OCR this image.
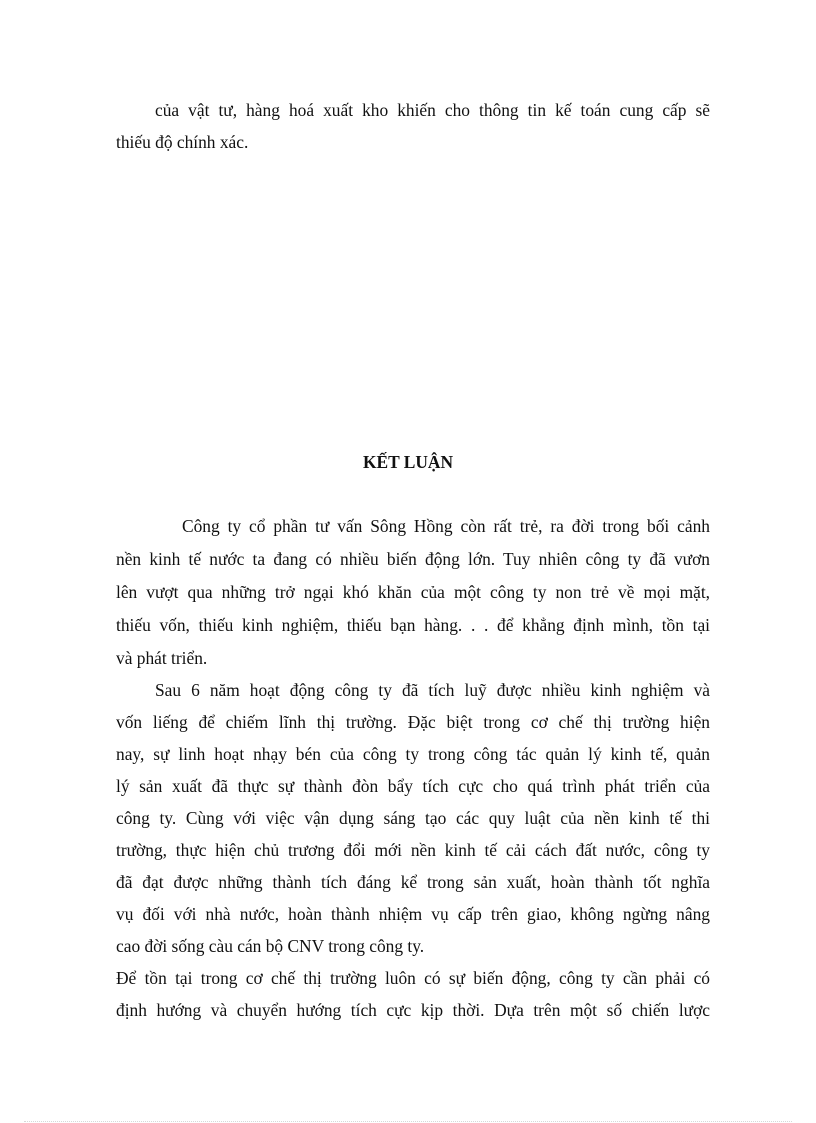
của vật tư, hàng hoá xuất kho khiến cho thông tin kế toán cung cấp sẽ
thiếu độ chính xác.
KẾT LUẬN
Công ty cổ phần tư vấn Sông Hồng còn rất trẻ, ra đời trong bối cảnh
nền kinh tế nước ta đang có nhiều biến động lớn. Tuy nhiên công ty đã vươn
lên vượt qua những trở ngại khó khăn của một công ty non trẻ về mọi mặt,
thiếu vốn, thiếu kinh nghiệm, thiếu bạn hàng. . . để khẳng định mình, tồn tại
và phát triển.
Sau 6 năm hoạt động công ty đã tích luỹ được nhiều kinh nghiệm và
vốn liếng để chiếm lĩnh thị trường. Đặc biệt trong cơ chế thị trường hiện
nay, sự linh hoạt nhạy bén của công ty trong công tác quản lý kinh tế, quản
lý sản xuất đã thực sự thành đòn bẩy tích cực cho quá trình phát triển của
công ty. Cùng với việc vận dụng sáng tạo các quy luật của nền kinh tế thi
trường, thực hiện chủ trương đổi mới nền kinh tế cải cách đất nước, công ty
đã đạt được những thành tích đáng kể trong sản xuất, hoàn thành tốt nghĩa
vụ đối với nhà nước, hoàn thành nhiệm vụ cấp trên giao, không ngừng nâng
cao đời sống càu cán bộ CNV trong công ty.
Để tồn tại trong cơ chế thị trường luôn có sự biến động, công ty cần phải có
định hướng và chuyển hướng tích cực kịp thời. Dựa trên một số chiến lược
